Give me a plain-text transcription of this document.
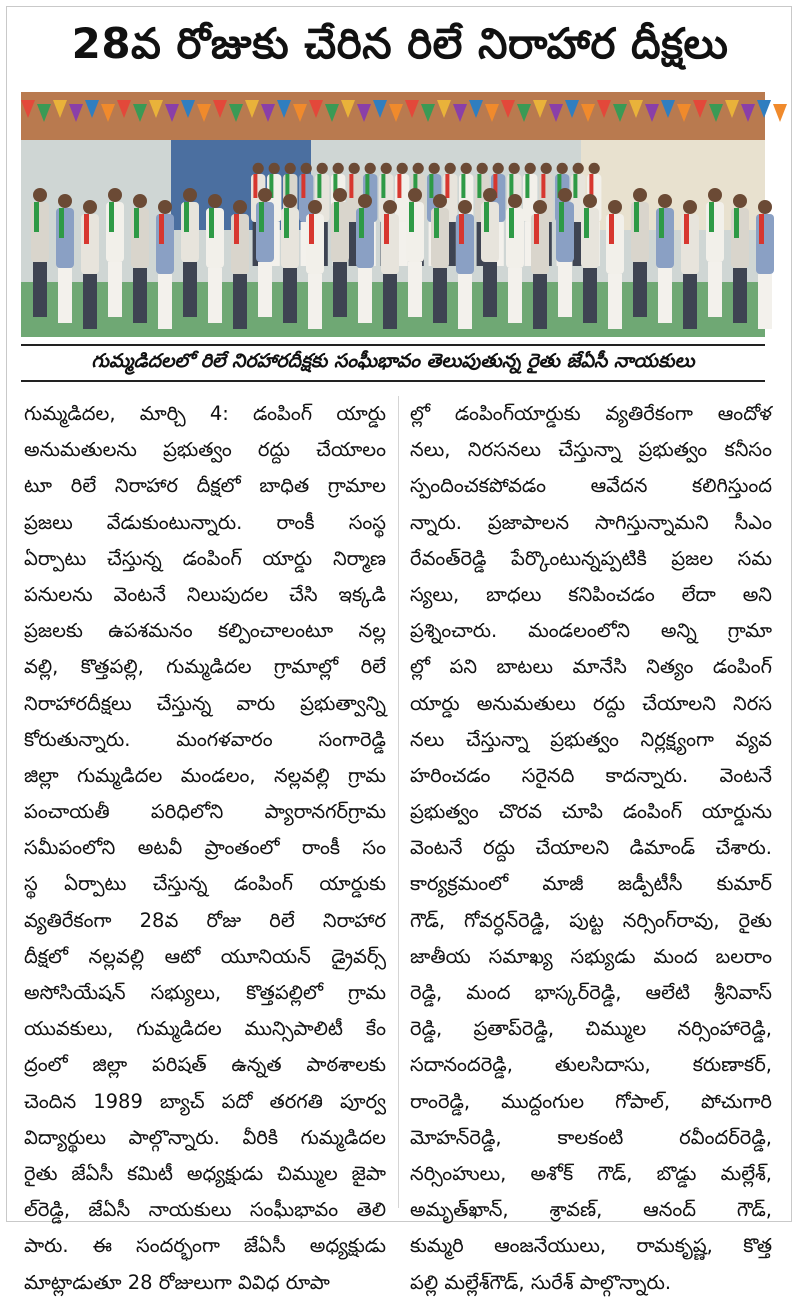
28వ రోజుకు చేరిన రిలే నిరాహార దీక్షలు
గుమ్మడిదలలో రిలే నిరహారదీక్షకు సంఘీభావం తెలుపుతున్న రైతు జేఏసీ నాయకులు
గుమ్మడిదల, మార్చి 4: డంపింగ్ యార్డు
అనుమతులను ప్రభుత్వం రద్దు చేయాలం
టూ రిలే నిరాహార దీక్షలో బాధిత గ్రామాల
ప్రజలు వేడుకుంటున్నారు. రాంకీ సంస్థ
ఏర్పాటు చేస్తున్న డంపింగ్ యార్డు నిర్మాణ
పనులను వెంటనే నిలుపుదల చేసి ఇక్కడి
ప్రజలకు ఉపశమనం కల్పించాలంటూ నల్ల
వల్లి, కొత్తపల్లి, గుమ్మడిదల గ్రామాల్లో రిలే
నిరాహారదీక్షలు చేస్తున్న వారు ప్రభుత్వాన్ని
కోరుతున్నారు. మంగళవారం సంగారెడ్డి
జిల్లా గుమ్మడిదల మండలం, నల్లవల్లి గ్రామ
పంచాయతీ పరిధిలోని ప్యారానగర్‌గ్రామ
సమీపంలోని అటవీ ప్రాంతంలో రాంకీ సం
స్థ ఏర్పాటు చేస్తున్న డంపింగ్ యార్డుకు
వ్యతిరేకంగా 28వ రోజు రిలే నిరాహార
దీక్షలో నల్లవల్లి ఆటో యూనియన్ డ్రైవర్స్
అసోసియేషన్ సభ్యులు, కొత్తపల్లిలో గ్రామ
యువకులు, గుమ్మడిదల మున్సిపాలిటీ కేం
ద్రంలో జిల్లా పరిషత్ ఉన్నత పాఠశాలకు
చెందిన 1989 బ్యాచ్ పదో తరగతి పూర్వ
విద్యార్థులు పాల్గొన్నారు. వీరికి గుమ్మడిదల
రైతు జేఏసీ కమిటీ అధ్యక్షుడు చిమ్ముల జైపా
ల్‌రెడ్డి, జేఏసీ నాయకులు సంఘీభావం తెలి
పారు. ఈ సందర్భంగా జేఏసీ అధ్యక్షుడు
మాట్లాడుతూ 28 రోజులుగా వివిధ రూపా
ల్లో డంపింగ్‌యార్డుకు వ్యతిరేకంగా ఆందోళ
నలు, నిరసనలు చేస్తున్నా ప్రభుత్వం కనీసం
స్పందించకపోవడం ఆవేదన కలిగిస్తుంద
న్నారు. ప్రజాపాలన సాగిస్తున్నామని సీఎం
రేవంత్‌రెడ్డి పేర్కొంటున్నప్పటికి ప్రజల సమ
స్యలు, బాధలు కనిపించడం లేదా అని
ప్రశ్నించారు. మండలంలోని అన్ని గ్రామా
ల్లో పని బాటలు మానేసి నిత్యం డంపింగ్
యార్డు అనుమతులు రద్దు చేయాలని నిరస
నలు చేస్తున్నా ప్రభుత్వం నిర్లక్ష్యంగా వ్యవ
హరించడం సరైనది కాదన్నారు. వెంటనే
ప్రభుత్వం చొరవ చూపి డంపింగ్ యార్డును
వెంటనే రద్దు చేయాలని డిమాండ్ చేశారు.
కార్యక్రమంలో మాజీ జడ్పీటీసీ కుమార్
గౌడ్, గోవర్ధన్‌రెడ్డి, పుట్ట నర్సింగ్‌రావు, రైతు
జాతీయ సమాఖ్య సభ్యుడు మంద బలరాం
రెడ్డి, మంద భాస్కర్‌రెడ్డి, ఆలేటి శ్రీనివాస్
రెడ్డి, ప్రతాప్‌రెడ్డి, చిమ్ముల నర్సింహారెడ్డి,
సదానందరెడ్డి, తులసిదాసు, కరుణాకర్,
రాంరెడ్డి, ముద్దంగుల గోపాల్, పోచుగారి
మోహన్‌రెడ్డి, కాలకంటి రవీందర్‌రెడ్డి,
నర్సింహులు, అశోక్ గౌడ్, బొడ్డు మల్లేశ్,
అమృత్‌ఖాన్, శ్రావణ్, ఆనంద్ గౌడ్,
కుమ్మరి ఆంజనేయులు, రామకృష్ణ, కొత్త
పల్లి మల్లేశ్‌గౌడ్, సురేశ్ పాల్గొన్నారు.
